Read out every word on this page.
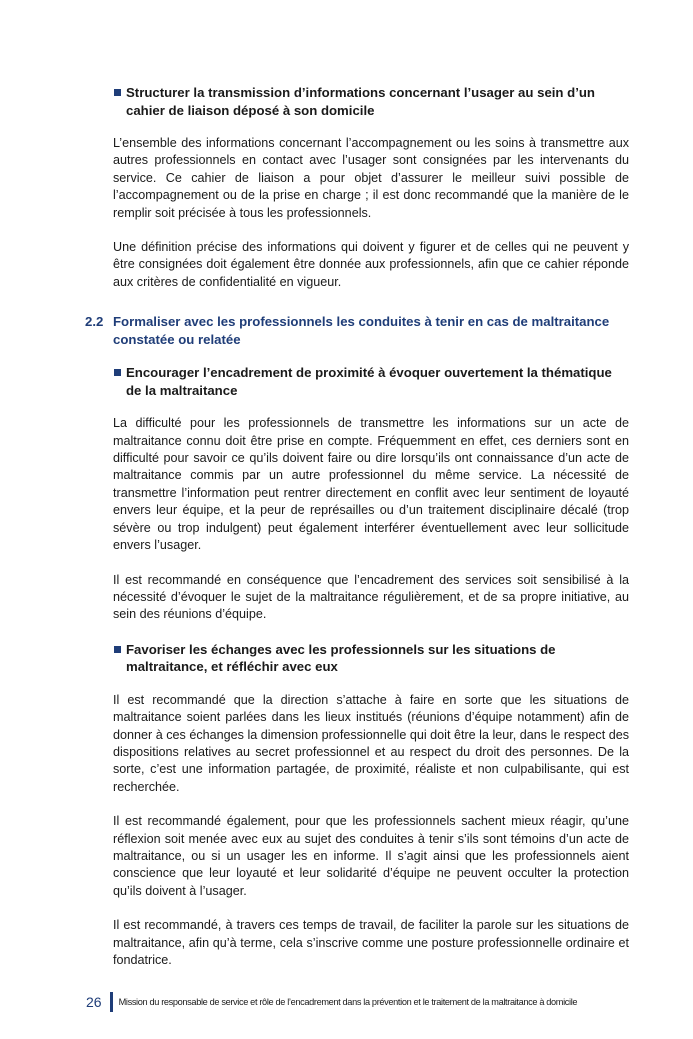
Structurer la transmission d’informations concernant l’usager au sein d’un cahier de liaison déposé à son domicile

L’ensemble des informations concernant l’accompagnement ou les soins à transmettre aux autres professionnels en contact avec l’usager sont consignées par les intervenants du service. Ce cahier de liaison a pour objet d’assurer le meilleur suivi possible de l’accompagnement ou de la prise en charge ; il est donc recommandé que la manière de le remplir soit précisée à tous les professionnels.

Une définition précise des informations qui doivent y figurer et de celles qui ne peuvent y être consignées doit également être donnée aux professionnels, afin que ce cahier réponde aux critères de confidentialité en vigueur.

2.2 Formaliser avec les professionnels les conduites à tenir en cas de maltraitance constatée ou relatée
Encourager l’encadrement de proximité à évoquer ouvertement la thématique de la maltraitance

La difficulté pour les professionnels de transmettre les informations sur un acte de maltraitance connu doit être prise en compte. Fréquemment en effet, ces derniers sont en difficulté pour savoir ce qu’ils doivent faire ou dire lorsqu’ils ont connaissance d’un acte de maltraitance commis par un autre professionnel du même service. La nécessité de transmettre l’information peut rentrer directement en conflit avec leur sentiment de loyauté envers leur équipe, et la peur de représailles ou d’un traitement disciplinaire décalé (trop sévère ou trop indulgent) peut également interférer éventuellement avec leur sollicitude envers l’usager.

Il est recommandé en conséquence que l’encadrement des services soit sensibilisé à la nécessité d’évoquer le sujet de la maltraitance régulièrement, et de sa propre initiative, au sein des réunions d’équipe.

Favoriser les échanges avec les professionnels sur les situations de maltraitance, et réfléchir avec eux

Il est recommandé que la direction s’attache à faire en sorte que les situations de maltraitance soient parlées dans les lieux institués (réunions d’équipe notamment) afin de donner à ces échanges la dimension professionnelle qui doit être la leur, dans le respect des dispositions relatives au secret professionnel et au respect du droit des personnes. De la sorte, c’est une information partagée, de proximité, réaliste et non culpabilisante, qui est recherchée.

Il est recommandé également, pour que les professionnels sachent mieux réagir, qu’une réflexion soit menée avec eux au sujet des conduites à tenir s’ils sont témoins d’un acte de maltraitance, ou si un usager les en informe. Il s’agit ainsi que les professionnels aient conscience que leur loyauté et leur solidarité d’équipe ne peuvent occulter la protection qu’ils doivent à l’usager.

Il est recommandé, à travers ces temps de travail, de faciliter la parole sur les situations de maltraitance, afin qu’à terme, cela s’inscrive comme une posture professionnelle ordinaire et fondatrice.

26 Mission du responsable de service et rôle de l’encadrement dans la prévention et le traitement de la maltraitance à domicile
